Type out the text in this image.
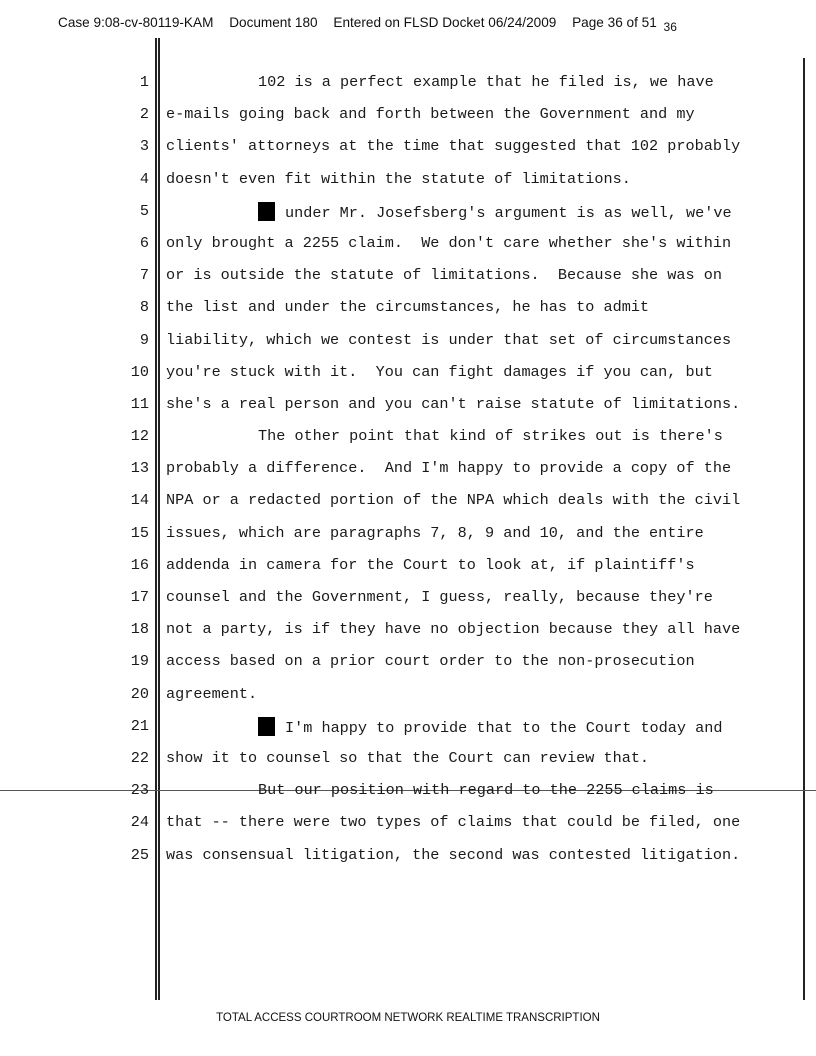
Case 9:08-cv-80119-KAM Document 180 Entered on FLSD Docket 06/24/2009 Page 36 of 51 36
1	102 is a perfect example that he filed is, we have
2 e-mails going back and forth between the Government and my
3 clients' attorneys at the time that suggested that 102 probably
4 doesn't even fit within the statute of limitations.
5	under Mr. Josefsberg's argument is as well, we've
6 only brought a 2255 claim.  We don't care whether she's within
7 or is outside the statute of limitations.  Because she was on
8 the list and under the circumstances, he has to admit
9 liability, which we contest is under that set of circumstances
10 you're stuck with it.  You can fight damages if you can, but
11 she's a real person and you can't raise statute of limitations.
12	The other point that kind of strikes out is there's
13 probably a difference.  And I'm happy to provide a copy of the
14 NPA or a redacted portion of the NPA which deals with the civil
15 issues, which are paragraphs 7, 8, 9 and 10, and the entire
16 addenda in camera for the Court to look at, if plaintiff's
17 counsel and the Government, I guess, really, because they're
18 not a party, is if they have no objection because they all have
19 access based on a prior court order to the non-prosecution
20 agreement.
21	I'm happy to provide that to the Court today and
22 show it to counsel so that the Court can review that.
23	But our position with regard to the 2255 claims is
24 that -- there were two types of claims that could be filed, one
25 was consensual litigation, the second was contested litigation.
TOTAL ACCESS COURTROOM NETWORK REALTIME TRANSCRIPTION
